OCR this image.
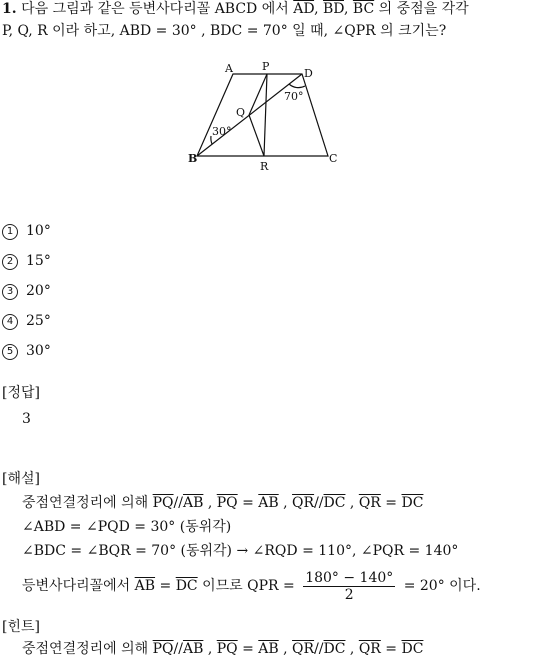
1. 다음 그림과 같은 등변사다리꼴 ABCD 에서 $\overline{AD}$, $\overline{BD}$, $\overline{BC}$ 의 중점을 각각
P, Q, R 이라 하고, ABD = 30° , BDC = 70° 일 때, ∠QPR 의 크기는?
A	P
D
Q
B
R
C
70°
30°
1 10°
2 15°
3 20°
4 25°
5 30°
[정답]
3
[해설]
중점연결정리에 의해 $\overline{PQ}//\overline{AB}$ , $\overline{PQ} = \overline{AB}$ , $\overline{QR}//\overline{DC}$ , $\overline{QR} = \overline{DC}$
∠ABD = ∠PQD = 30° (동위각)
∠BDC = ∠BQR = 70° (동위각) → ∠RQD = 110°, ∠PQR = 140°
등변사다리꼴에서 $\overline{AB} = \overline{DC}$ 이므로 QPR = $\frac{180^\circ - 140^\circ}{2} = 20^\circ$ 이다.
[힌트]
중점연결정리에 의해 $\overline{PQ}//\overline{AB}$ , $\overline{PQ} = \overline{AB}$ , $\overline{QR}//\overline{DC}$ , $\overline{QR} = \overline{DC}$
